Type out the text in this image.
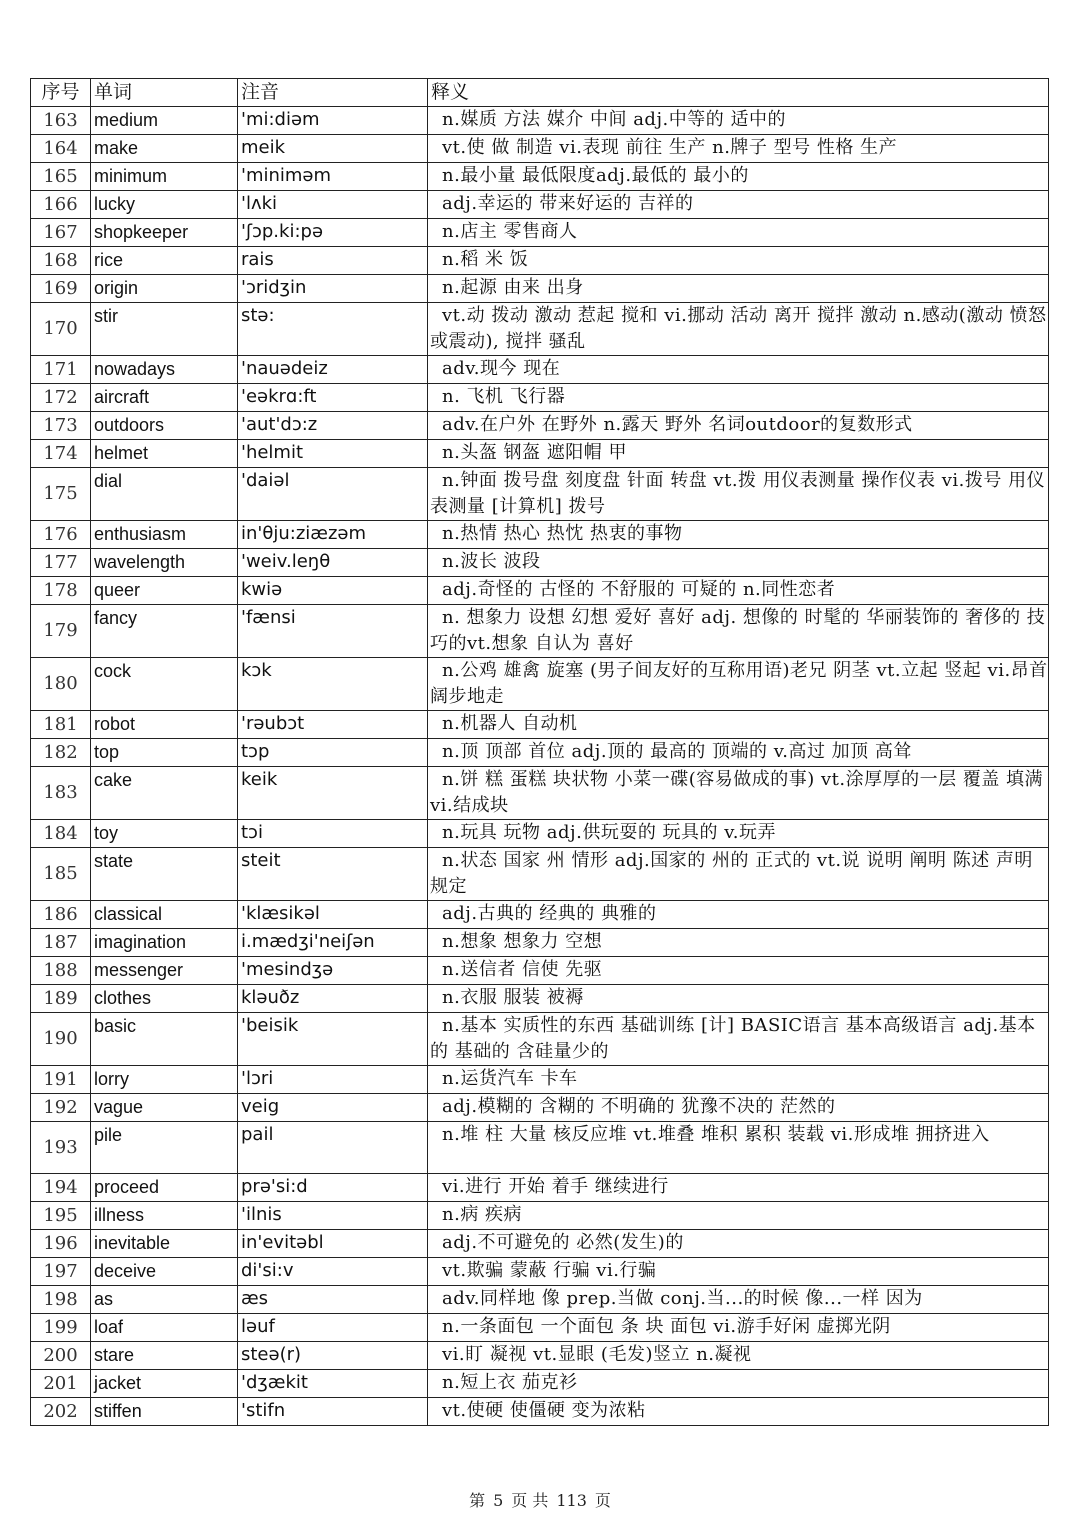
序号	单词	注音	释义
163	medium	'mi:diəm	n.媒质 方法 媒介 中间 adj.中等的 适中的

164	make	meik	vt.使 做 制造 vi.表现 前往 生产 n.牌子 型号 性格 生产

165	minimum	'miniməm	n.最小量 最低限度adj.最低的 最小的

166	lucky	'lʌki	adj.幸运的 带来好运的 吉祥的

167	shopkeeper	'ʃɔp.ki:pə	n.店主 零售商人

168	rice	rais	n.稻 米 饭

169	origin	'ɔridʒin	n.起源 由来 出身

170	stir	stə:	vt.动 拨动 激动 惹起 搅和 vi.挪动 活动 离开 搅拌 激动 n.感动(激动 愤怒或震动), 搅拌 骚乱

171	nowadays	'nauədeiz	adv.现今 现在

172	aircraft	'eəkrɑ:ft	n. 飞机 飞行器

173	outdoors	'aut'dɔ:z	adv.在户外 在野外 n.露天 野外 名词outdoor的复数形式

174	helmet	'helmit	n.头盔 钢盔 遮阳帽 甲

175	dial	'daiəl	n.钟面 拨号盘 刻度盘 针面 转盘 vt.拨 用仪表测量 操作仪表 vi.拨号 用仪表测量 [计算机] 拨号

176	enthusiasm	in'θju:ziæzəm	n.热情 热心 热忱 热衷的事物

177	wavelength	'weiv.leŋθ	n.波长 波段

178	queer	kwiə	adj.奇怪的 古怪的 不舒服的 可疑的 n.同性恋者

179	fancy	'fænsi	n. 想象力 设想 幻想 爱好 喜好 adj. 想像的 时髦的 华丽装饰的 奢侈的 技巧的vt.想象 自认为 喜好

180	cock	kɔk	n.公鸡 雄禽 旋塞 (男子间友好的互称用语)老兄 阴茎 vt.立起 竖起 vi.昂首阔步地走

181	robot	'rəubɔt	n.机器人 自动机

182	top	tɔp	n.顶 顶部 首位 adj.顶的 最高的 顶端的 v.高过 加顶 高耸

183	cake	keik	n.饼 糕 蛋糕 块状物 小菜一碟(容易做成的事) vt.涂厚厚的一层 覆盖 填满 vi.结成块

184	toy	tɔi	n.玩具 玩物 adj.供玩耍的 玩具的 v.玩弄

185	state	steit	n.状态 国家 州 情形 adj.国家的 州的 正式的 vt.说 说明 阐明 陈述 声明 规定

186	classical	'klæsikəl	adj.古典的 经典的 典雅的

187	imagination	i.mædʒi'neiʃən	n.想象 想象力 空想

188	messenger	'mesindʒə	n.送信者 信使 先驱

189	clothes	kləuðz	n.衣服 服装 被褥

190	basic	'beisik	n.基本 实质性的东西 基础训练 [计] BASIC语言 基本高级语言 adj.基本的 基础的 含硅量少的

191	lorry	'lɔri	n.运货汽车 卡车

192	vague	veig	adj.模糊的 含糊的 不明确的 犹豫不决的 茫然的

193	pile	pail	n.堆 柱 大量 核反应堆 vt.堆叠 堆积 累积 装载 vi.形成堆 拥挤进入

194	proceed	prə'si:d	vi.进行 开始 着手 继续进行

195	illness	'ilnis	n.病 疾病

196	inevitable	in'evitəbl	adj.不可避免的 必然(发生)的

197	deceive	di'si:v	vt.欺骗 蒙蔽 行骗 vi.行骗

198	as	æs	adv.同样地 像 prep.当做 conj.当...的时候 像...一样 因为

199	loaf	ləuf	n.一条面包 一个面包 条 块 面包 vi.游手好闲 虚掷光阴

200	stare	steə(r)	vi.盯 凝视 vt.显眼 (毛发)竖立 n.凝视

201	jacket	'dʒækit	n.短上衣 茄克衫

202	stiffen	'stifn	vt.使硬 使僵硬 变为浓粘
第 5 页 共 113 页
